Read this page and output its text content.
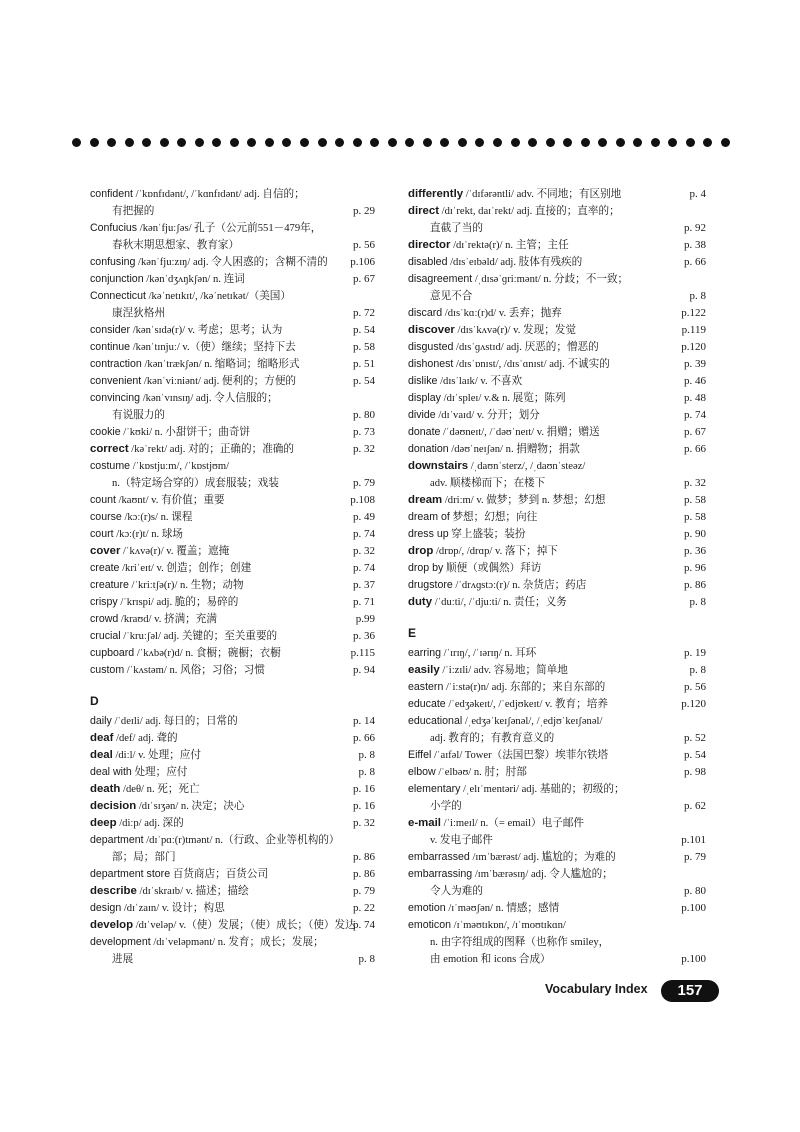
confident /ˈkɒnfɪdənt/, /ˈkɑnfɪdənt/ adj. 自信的；
有把握的	p. 29
Confucius /kənˈfjuːʃəs/ 孔子（公元前551－479年，
春秋末期思想家、教育家）	p. 56
confusing /kənˈfjuːzɪŋ/ adj. 令人困惑的；含糊不清的 p.106
conjunction /kənˈdʒʌŋkʃən/ n. 连词	p. 67
Connecticut /kəˈnetɪkɪt/, /kəˈnetɪkət/（美国）
康涅狄格州	p. 72
consider /kənˈsɪdə(r)/ v. 考虑；思考；认为	p. 54
continue /kənˈtɪnjuː/ v.（使）继续；坚持下去	p. 58
contraction /kənˈtrækʃən/ n. 缩略词；缩略形式	p. 51
convenient /kənˈviːniənt/ adj. 便利的；方便的	p. 54
convincing /kənˈvɪnsɪŋ/ adj. 令人信服的；
有说服力的	p. 80
cookie /ˈkʊki/ n. 小甜饼干；曲奇饼	p. 73
correct /kəˈrekt/ adj. 对的；正确的；准确的	p. 32
costume /ˈkɒstjuːm/, /ˈkɒstjʊm/
n.（特定场合穿的）成套服装；戏装	p. 79
count /kaʊnt/ v. 有价值；重要	p.108
course /kɔː(r)s/ n. 课程	p. 49
court /kɔː(r)t/ n. 球场	p. 74
cover /ˈkʌvə(r)/ v. 覆盖；遮掩	p. 32
create /kriˈeɪt/ v. 创造；创作；创建	p. 74
creature /ˈkriːtʃə(r)/ n. 生物；动物	p. 37
crispy /ˈkrɪspi/ adj. 脆的；易碎的	p. 71
crowd /kraʊd/ v. 挤满；充满	p.99
crucial /ˈkruːʃəl/ adj. 关键的；至关重要的	p. 36
cupboard /ˈkʌbə(r)d/ n. 食橱；碗橱；衣橱	p.115
custom /ˈkʌstəm/ n. 风俗；习俗；习惯	p. 94
D
daily /ˈdeɪli/ adj. 每日的；日常的	p. 14
deaf /def/ adj. 聋的	p. 66
deal /diːl/ v. 处理；应付	p. 8
deal with 处理；应付	p. 8
death /deθ/ n. 死；死亡	p. 16
decision /dɪˈsɪʒən/ n. 决定；决心	p. 16
deep /diːp/ adj. 深的	p. 32
department /dɪˈpɑː(r)tmənt/ n.（行政、企业等机构的）
部；局；部门	p. 86
department store 百货商店；百货公司	p. 86
describe /dɪˈskraɪb/ v. 描述；描绘	p. 79
design /dɪˈzaɪn/ v. 设计；构思	p. 22
develop /dɪˈveləp/ v.（使）发展；（使）成长；（使）发达
p. 74
development /dɪˈveləpmənt/ n. 发育；成长；发展；
进展	p. 8
differently /ˈdɪfərəntli/ adv. 不同地；有区别地	p. 4
direct /dɪˈrekt, daɪˈrekt/ adj. 直接的；直率的；
直截了当的	p. 92
director /dɪˈrektə(r)/ n. 主管；主任	p. 38
disabled /dɪsˈeɪbəld/ adj. 肢体有残疾的	p. 66
disagreement /ˌdɪsəˈɡriːmənt/ n. 分歧；不一致；
意见不合	p. 8
discard /dɪsˈkɑː(r)d/ v. 丢弃；抛弃	p.122
discover /dɪsˈkʌvə(r)/ v. 发现；发觉	p.119
disgusted /dɪsˈɡʌstɪd/ adj. 厌恶的；憎恶的	p.120
dishonest /dɪsˈɒnɪst/, /dɪsˈɑnɪst/ adj. 不诚实的	p. 39
dislike /dɪsˈlaɪk/ v. 不喜欢	p. 46
display /dɪˈspleɪ/ v.& n. 展览；陈列	p. 48
divide /dɪˈvaɪd/ v. 分开；划分	p. 74
donate /ˈdəʊneɪt/, /ˈdəʊˈneɪt/ v. 捐赠；赠送	p. 67
donation /dəʊˈneɪʃən/ n. 捐赠物；捐款	p. 66
downstairs /ˌdaʊnˈsterz/, /ˌdaʊnˈsteəz/
adv. 顺楼梯而下；在楼下	p. 32
dream /driːm/ v. 做梦；梦到 n. 梦想；幻想	p. 58
dream of 梦想；幻想；向往	p. 58
dress up 穿上盛装；装扮	p. 90
drop /drɒp/, /drɑp/ v. 落下；掉下	p. 36
drop by 顺便（或偶然）拜访	p. 96
drugstore /ˈdrʌɡstɔː(r)/ n. 杂货店；药店	p. 86
duty /ˈduːti/, /ˈdjuːti/ n. 责任；义务	p. 8
E
earring /ˈɪrɪŋ/, /ˈɪərɪŋ/ n. 耳环	p. 19
easily /ˈiːzɪli/ adv. 容易地；简单地	p. 8
eastern /ˈiːstə(r)n/ adj. 东部的；来自东部的	p. 56
educate /ˈedʒəkeɪt/, /ˈedjʊkeɪt/ v. 教育；培养	p.120
educational /ˌedʒəˈkeɪʃənəl/, /ˌedjʊˈkeɪʃənəl/
adj. 教育的；有教育意义的	p. 52
Eiffel /ˈaɪfəl/ Tower（法国巴黎）埃菲尔铁塔	p. 54
elbow /ˈelbəʊ/ n. 肘；肘部	p. 98
elementary /ˌelɪˈmentəri/ adj. 基础的；初级的；
小学的	p. 62
e-mail /ˈiːmeɪl/ n.（= email）电子邮件
v. 发电子邮件	p.101
embarrassed /ɪmˈbærəst/ adj. 尴尬的；为难的	p. 79
embarrassing /ɪmˈbærəsɪŋ/ adj. 令人尴尬的；
令人为难的	p. 80
emotion /ɪˈməʊʃən/ n. 情感；感情	p.100
emoticon /ɪˈməʊtɪkɒn/, /ɪˈmoʊtɪkɑn/
n. 由字符组成的图释（也称作 smiley，
由 emotion 和 icons 合成）	p.100
Vocabulary Index	157
